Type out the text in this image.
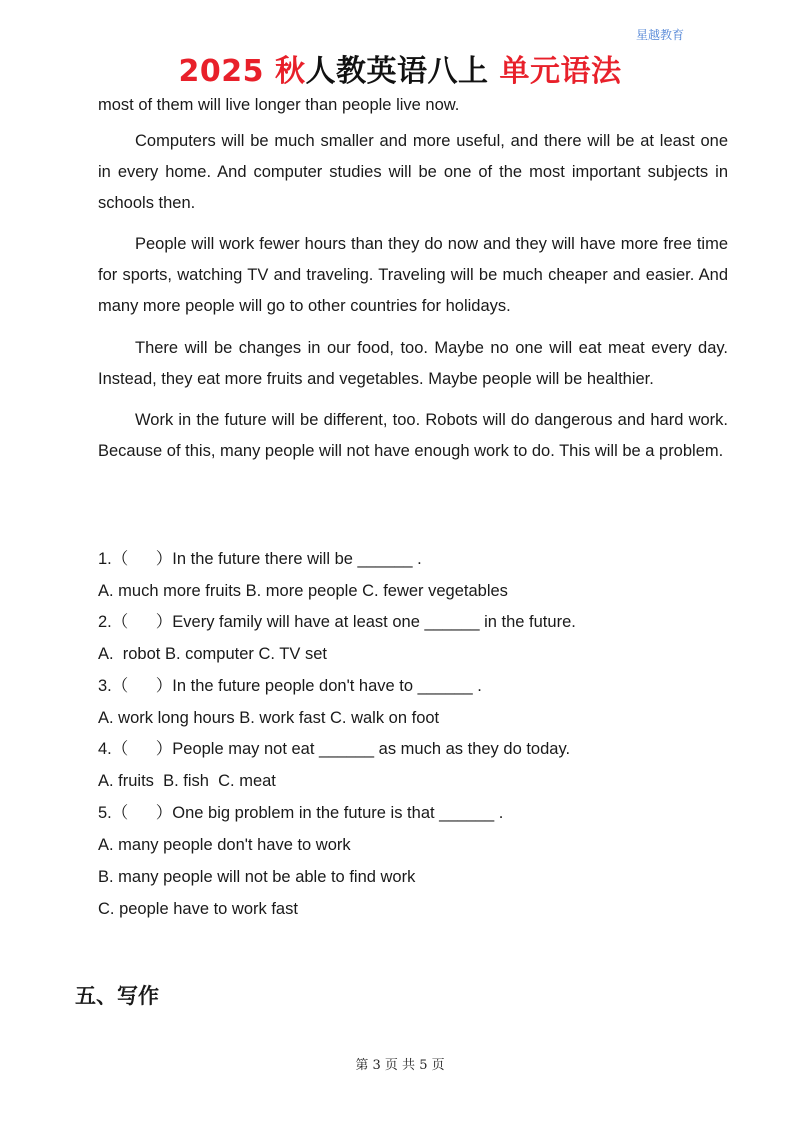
星越教育
2025 秋人教英语八上 单元语法

most of them will live longer than people live now.

Computers will be much smaller and more useful, and there will be at least one in every home. And computer studies will be one of the most important subjects in schools then.

People will work fewer hours than they do now and they will have more free time for sports, watching TV and traveling. Traveling will be much cheaper and easier. And many more people will go to other countries for holidays.

There will be changes in our food, too. Maybe no one will eat meat every day. Instead, they eat more fruits and vegetables. Maybe people will be healthier.

Work in the future will be different, too. Robots will do dangerous and hard work. Because of this, many people will not have enough work to do. This will be a problem.

1.（      ）In the future there will be ______ .
A. much more fruits B. more people C. fewer vegetables
2.（      ）Every family will have at least one ______ in the future.
A.  robot B. computer C. TV set
3.（      ）In the future people don't have to ______ .
A. work long hours B. work fast C. walk on foot
4.（      ）People may not eat ______ as much as they do today.
A. fruits  B. fish  C. meat
5.（      ）One big problem in the future is that ______ .
A. many people don't have to work
B. many people will not be able to find work
C. people have to work fast
五、写作
第 3 页 共 5 页
